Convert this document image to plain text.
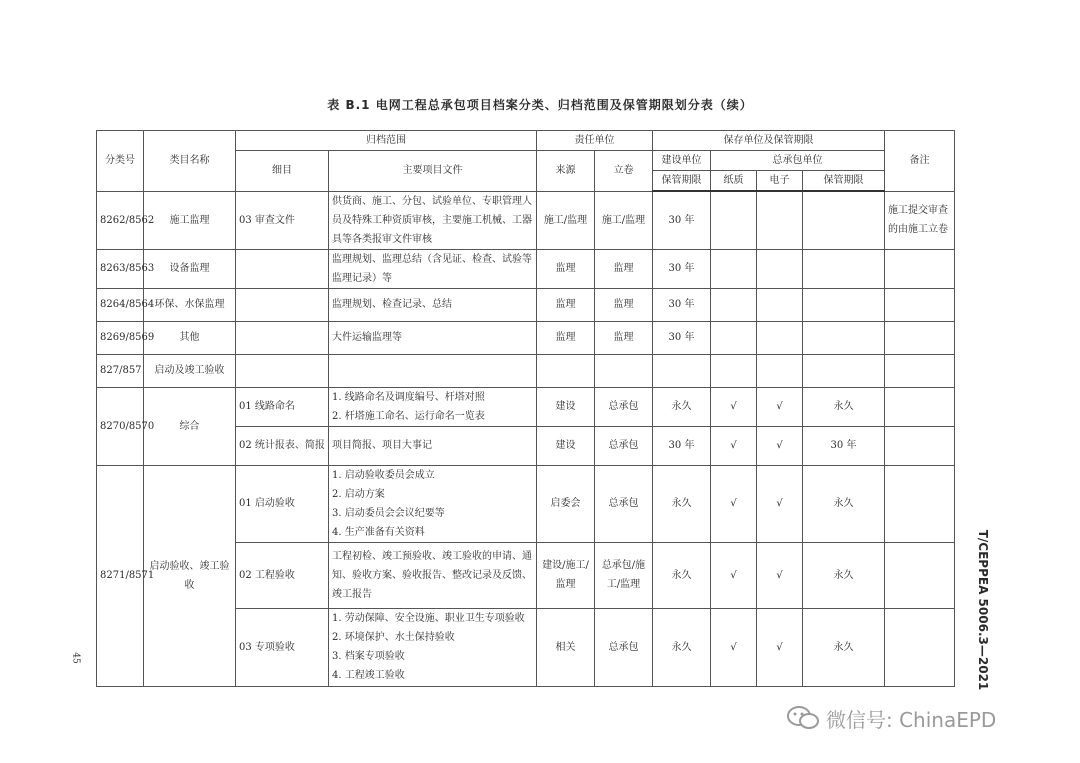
表 B.1 电网工程总承包项目档案分类、归档范围及保管期限划分表（续）
分类号	类目名称	归档范围		责任单位		保存单位及保管期限				备注
		细目	主要项目文件	来源	立卷	建设单位	总承包单位			
						保管期限	纸质	电子	保管期限	
8262/8562	施工监理	03 审查文件	供货商、施工、分包、试验单位、专职管理人员及特殊工种资质审核，主要施工机械、工器具等各类报审文件审核	施工/监理	施工/监理	30 年				施工提交审查的由施工立卷
8263/8563	设备监理		监理规划、监理总结（含见证、检查、试验等监理记录）等	监理	监理	30 年				
8264/8564	环保、水保监理		监理规划、检查记录、总结	监理	监理	30 年				
8269/8569	其他		大件运输监理等	监理	监理	30 年				
827/857	启动及竣工验收									
8270/8570	综合	01 线路命名	1. 线路命名及调度编号、杆塔对照
2. 杆塔施工命名、运行命名一览表	建设	总承包	永久	√	√	永久	
		02 统计报表、简报	项目简报、项目大事记	建设	总承包	30 年	√	√	30 年	
8271/8571	启动验收、竣工验收	01 启动验收	1. 启动验收委员会成立
2. 启动方案
3. 启动委员会会议纪要等
4. 生产准备有关资料	启委会	总承包	永久	√	√	永久	
		02 工程验收	工程初检、竣工预验收、竣工验收的申请、通知、验收方案、验收报告、整改记录及反馈、竣工报告	建设/施工/监理	总承包/施工/监理	永久	√	√	永久	
		03 专项验收	1. 劳动保障、安全设施、职业卫生专项验收
2. 环境保护、水土保持验收
3. 档案专项验收
4. 工程竣工验收	相关	总承包	永久	√	√	永久	
45	T/CEPPEA 5006.3—2021
微信号: ChinaEPD
